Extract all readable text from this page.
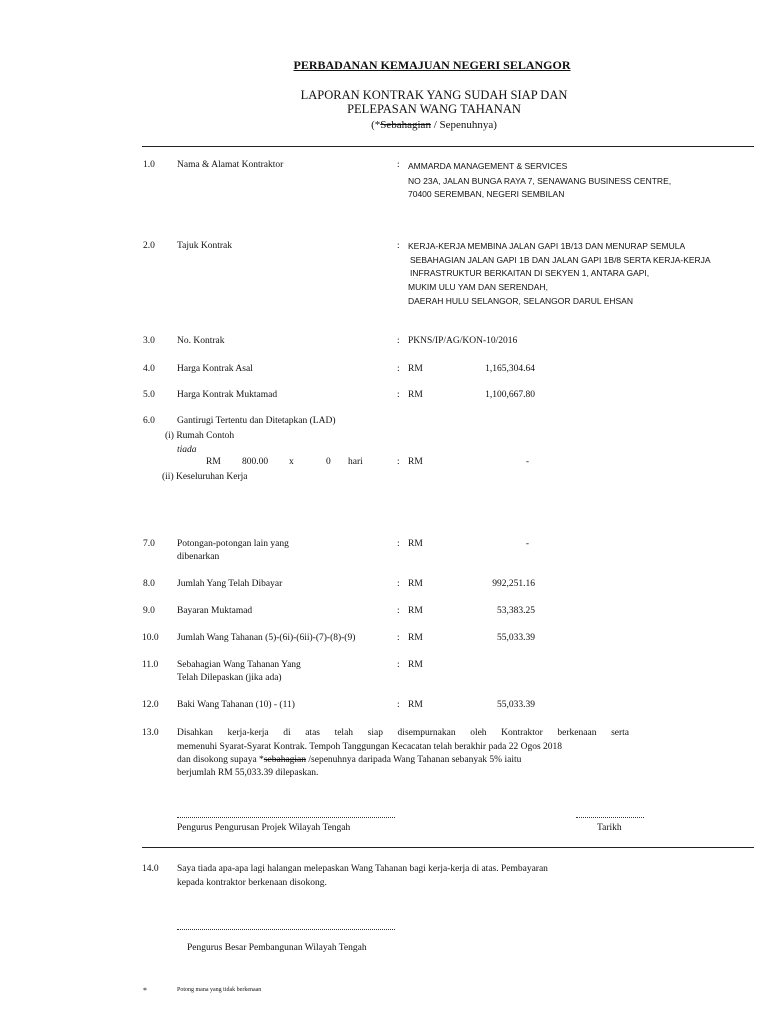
PERBADANAN KEMAJUAN NEGERI SELANGOR
LAPORAN KONTRAK YANG SUDAH SIAP DAN
PELEPASAN WANG TAHANAN
(*Sebahagian / Sepenuhnya)
1.0 Nama & Alamat Kontraktor	: AMMARDA MANAGEMENT & SERVICES
NO 23A, JALAN BUNGA RAYA 7, SENAWANG BUSINESS CENTRE,
70400 SEREMBAN, NEGERI SEMBILAN
2.0 Tajuk Kontrak	: KERJA-KERJA MEMBINA JALAN GAPI 1B/13 DAN MENURAP SEMULA
SEBAHAGIAN JALAN GAPI 1B DAN JALAN GAPI 1B/8 SERTA KERJA-KERJA
INFRASTRUKTUR BERKAITAN DI SEKYEN 1, ANTARA GAPI,
MUKIM ULU YAM DAN SERENDAH,
DAERAH HULU SELANGOR, SELANGOR DARUL EHSAN
3.0 No. Kontrak	: PKNS/IP/AG/KON-10/2016
4.0 Harga Kontrak Asal	: RM	1,165,304.64
5.0 Harga Kontrak Muktamad	: RM	1,100,667.80
6.0 Gantirugi Tertentu dan Ditetapkan (LAD)
(i) Rumah Contoh
tiada
RM 800.00 x	0 hari	: RM	-
(ii) Keseluruhan Kerja
7.0 Potongan-potongan lain yang
dibenarkan
: RM	-
8.0 Jumlah Yang Telah Dibayar	: RM	992,251.16
9.0 Bayaran Muktamad	: RM	53,383.25
10.0 Jumlah Wang Tahanan (5)-(6i)-(6ii)-(7)-(8)-(9)	: RM	55,033.39
11.0 Sebahagian Wang Tahanan Yang
Telah Dilepaskan (jika ada)
: RM
12.0 Baki Wang Tahanan (10) - (11)	: RM	55,033.39
13.0 Disahkan kerja-kerja di atas telah siap disempurnakan oleh Kontraktor berkenaan serta
memenuhi Syarat-Syarat Kontrak. Tempoh Tanggungan Kecacatan telah berakhir pada 22 Ogos 2018
dan disokong supaya *sebahagian /sepenuhnya daripada Wang Tahanan sebanyak 5% iaitu
berjumlah RM 55,033.39 dilepaskan.
Pengurus Pengurusan Projek Wilayah Tengah	Tarikh
14.0 Saya tiada apa-apa lagi halangan melepaskan Wang Tahanan bagi kerja-kerja di atas. Pembayaran
kepada kontraktor berkenaan disokong.
Pengurus Besar Pembangunan Wilayah Tengah
*	Potong mana yang tidak berkenaan
